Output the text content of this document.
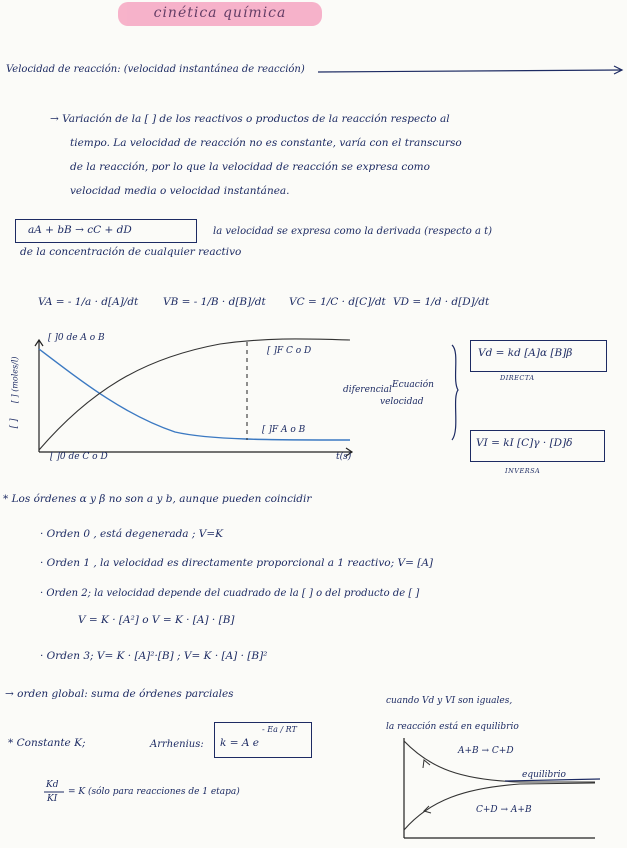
cinética química
Velocidad de reacción: (velocidad instantánea de reacción)
→ Variación de la [ ] de los reactivos o productos de la reacción respecto al
tiempo. La velocidad de reacción no es constante, varía con el transcurso
de la reacción, por lo que la velocidad de reacción se expresa como
velocidad media o velocidad instantánea.
aA + bB → cC + dD	la velocidad se expresa como la derivada (respecto a t)
de la concentración de cualquier reactivo
VA = - 1/a · d[A]/dt VB = - 1/B · d[B]/dt VC = 1/C · d[C]/dt VD = 1/d · d[D]/dt
[ ] (moles/l)
[ ]
[ ]0 de A o B
[ ]F C o D
[ ]F A o B
[ ]0 de C o D	t(s)
diferencial Ecuación
velocidad
Vd = kd [A]α [B]β
DIRECTA
VI = kI [C]γ · [D]δ
INVERSA
* Los órdenes α y β no son a y b, aunque pueden coincidir
· Orden 0 , está degenerada ; V=K
· Orden 1 , la velocidad es directamente proporcional a 1 reactivo; V= [A]
· Orden 2; la velocidad depende del cuadrado de la [ ] o del producto de [ ]
V = K · [A²] o V = K · [A] · [B]
· Orden 3; V= K · [A]²·[B] ; V= K · [A] · [B]²
→ orden global: suma de órdenes parciales
* Constante K;	Arrhenius: k = A e
- Ea / RT
Kd
KI
= K (sólo para reacciones de 1 etapa)
cuando Vd y VI son iguales,
la reacción está en equilibrio
A+B → C+D
equilibrio
C+D → A+B
